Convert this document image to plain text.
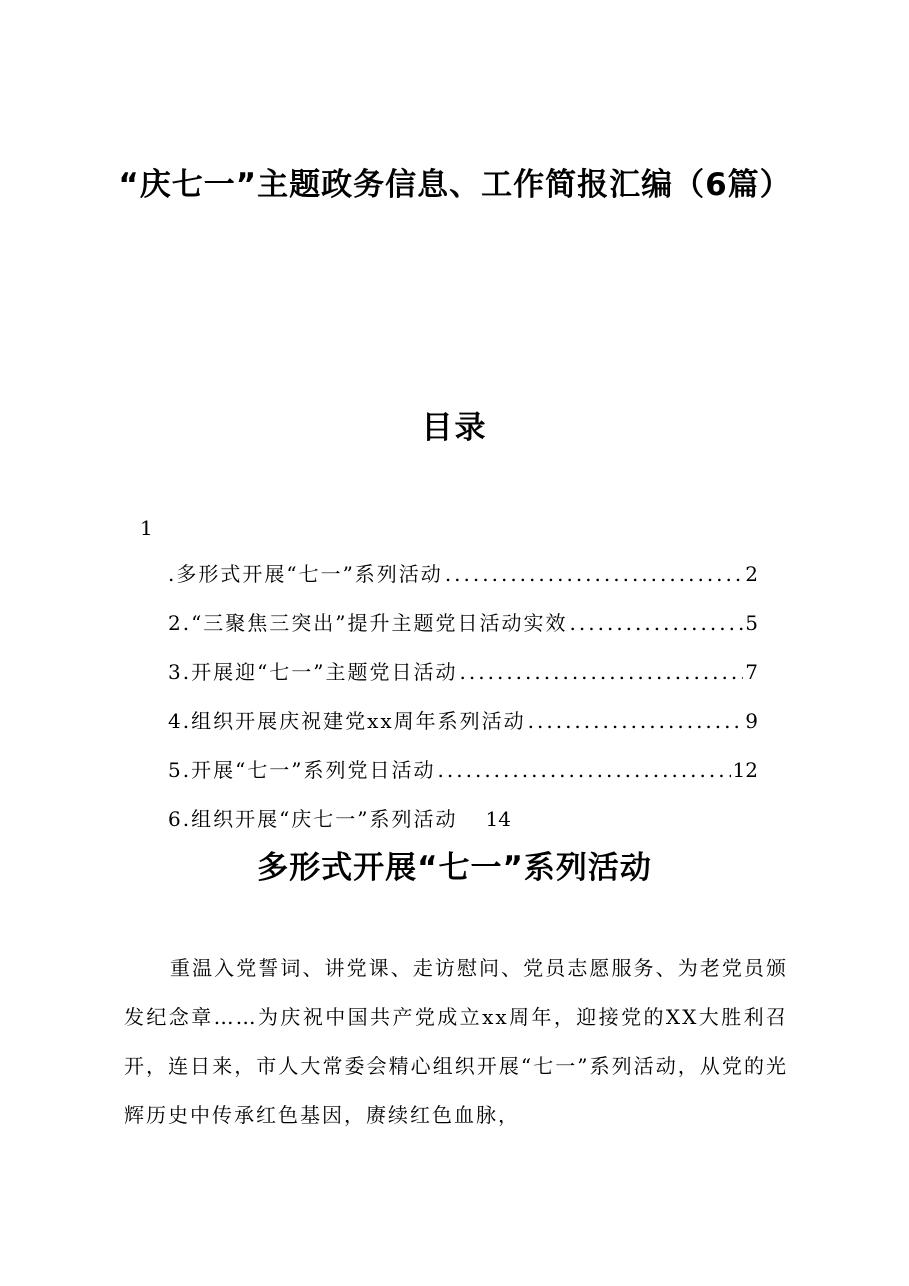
“庆七一”主题政务信息、工作简报汇编（6篇）
目录
1
.多形式开展“七一”系列活动 .....	2
2.“三聚焦三突出”提升主题党日活动实效 .....	5
3.开展迎“七一”主题党日活动 .....	7
4.组织开展庆祝建党xx周年系列活动 .....	9
5.开展“七一”系列党日活动 .....	12
6.组织开展“庆七一”系列活动 14
多形式开展“七一”系列活动

重温入党誓词、讲党课、走访慰问、党员志愿服务、为老党员颁发纪念章……为庆祝中国共产党成立xx周年，迎接党的XX大胜利召开，连日来，市人大常委会精心组织开展“七一”系列活动，从党的光辉历史中传承红色基因，赓续红色血脉，
